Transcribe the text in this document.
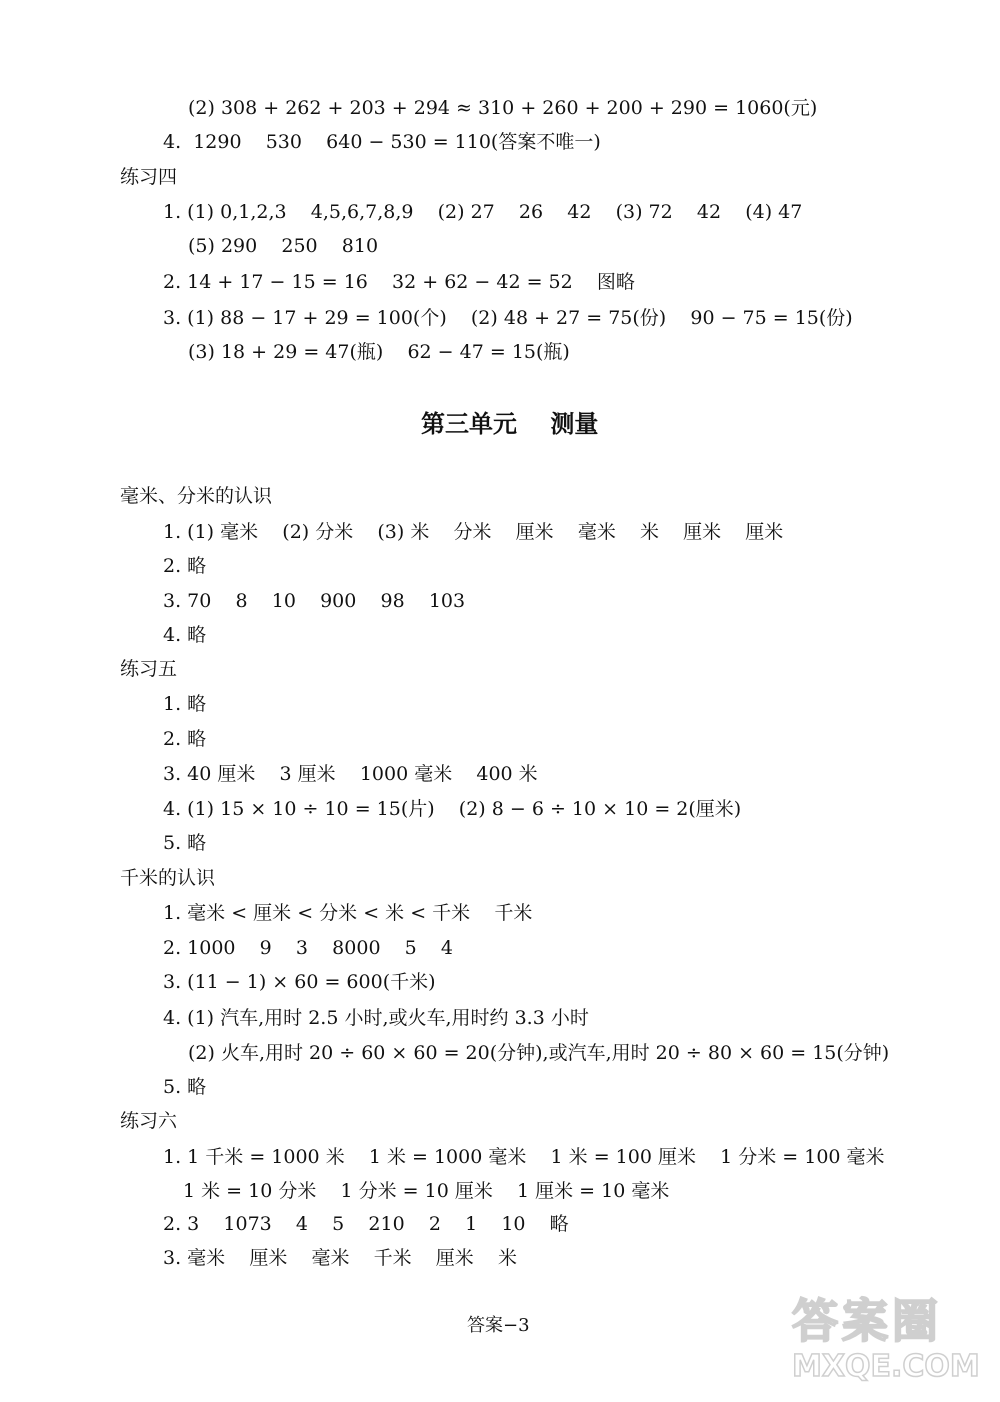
(2) 308 + 262 + 203 + 294 ≈ 310 + 260 + 200 + 290 = 1060(元)
4.  1290    530    640 − 530 = 110(答案不唯一)
练习四
1. (1) 0,1,2,3    4,5,6,7,8,9    (2) 27    26    42    (3) 72    42    (4) 47
(5) 290    250    810
2. 14 + 17 − 15 = 16    32 + 62 − 42 = 52    图略
3. (1) 88 − 17 + 29 = 100(个)    (2) 48 + 27 = 75(份)    90 − 75 = 15(份)
(3) 18 + 29 = 47(瓶)    62 − 47 = 15(瓶)
第三单元    测量
毫米、分米的认识
1. (1) 毫米    (2) 分米    (3) 米    分米    厘米    毫米    米    厘米    厘米
2. 略
3. 70    8    10    900    98    103
4. 略
练习五
1. 略
2. 略
3. 40 厘米    3 厘米    1000 毫米    400 米
4. (1) 15 × 10 ÷ 10 = 15(片)    (2) 8 − 6 ÷ 10 × 10 = 2(厘米)
5. 略
千米的认识
1. 毫米 < 厘米 < 分米 < 米 < 千米    千米
2. 1000    9    3    8000    5    4
3. (11 − 1) × 60 = 600(千米)
4. (1) 汽车,用时 2.5 小时,或火车,用时约 3.3 小时
(2) 火车,用时 20 ÷ 60 × 60 = 20(分钟),或汽车,用时 20 ÷ 80 × 60 = 15(分钟)
5. 略
练习六
1. 1 千米 = 1000 米    1 米 = 1000 毫米    1 米 = 100 厘米    1 分米 = 100 毫米
1 米 = 10 分米    1 分米 = 10 厘米    1 厘米 = 10 毫米
2. 3    1073    4    5    210    2    1    10    略
3. 毫米    厘米    毫米    千米    厘米    米
答案−3	答案圈
MXQE.COM
